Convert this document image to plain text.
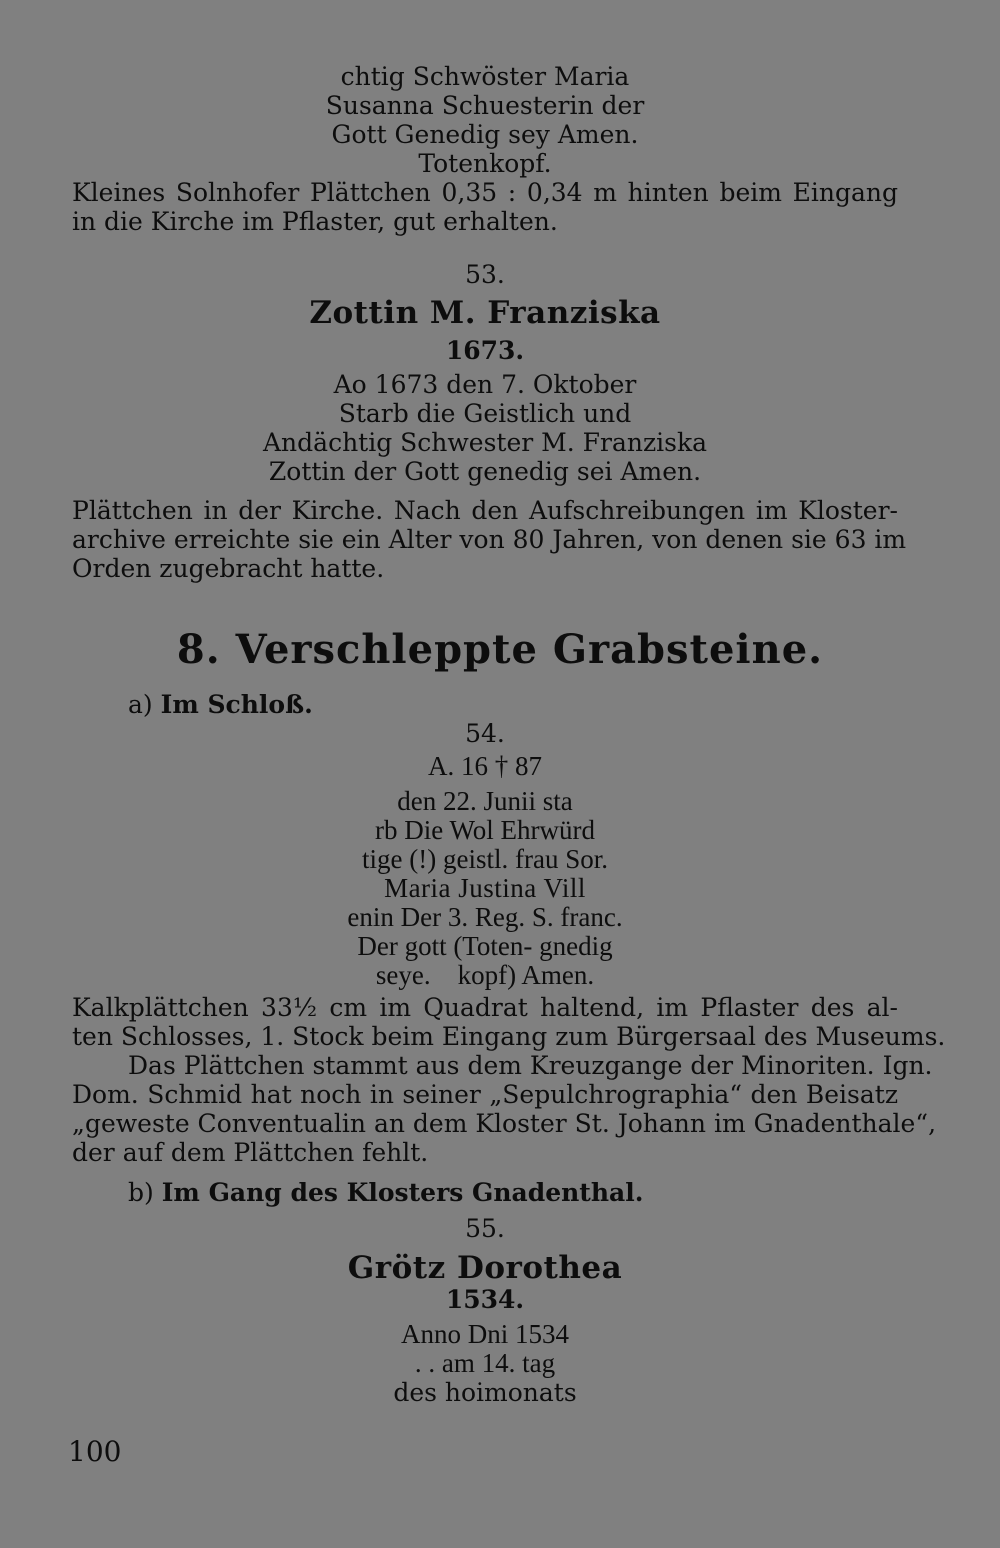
chtig Schwöster Maria
Susanna Schuesterin der
Gott Genedig sey Amen.
Totenkopf.
Kleines Solnhofer Plättchen 0,35 : 0,34 m hinten beim Eingang
in die Kirche im Pflaster, gut erhalten.
53.
Zottin M. Franziska
1673.
Ao 1673 den 7. Oktober
Starb die Geistlich und
Andächtig Schwester M. Franziska
Zottin der Gott genedig sei Amen.
Plättchen in der Kirche. Nach den Aufschreibungen im Kloster-
archive erreichte sie ein Alter von 80 Jahren, von denen sie 63 im
Orden zugebracht hatte.
8. Verschleppte Grabsteine.
a) Im Schloß.
54.
A. 16 † 87
den 22. Junii sta
rb Die Wol Ehrwürd
tige (!) geistl. frau Sor.
Maria Justina Vill
enin Der 3. Reg. S. franc.
Der gott (Toten- gnedig
seye.    kopf) Amen.
Kalkplättchen 33½ cm im Quadrat haltend, im Pflaster des al-
ten Schlosses, 1. Stock beim Eingang zum Bürgersaal des Museums.
Das Plättchen stammt aus dem Kreuzgange der Minoriten. Ign.
Dom. Schmid hat noch in seiner „Sepulchrographia“ den Beisatz
„geweste Conventualin an dem Kloster St. Johann im Gnadenthale“,
der auf dem Plättchen fehlt.
b) Im Gang des Klosters Gnadenthal.
55.
Grötz Dorothea
1534.
Anno Dni 1534
. . am 14. tag
des hoimonats
100
